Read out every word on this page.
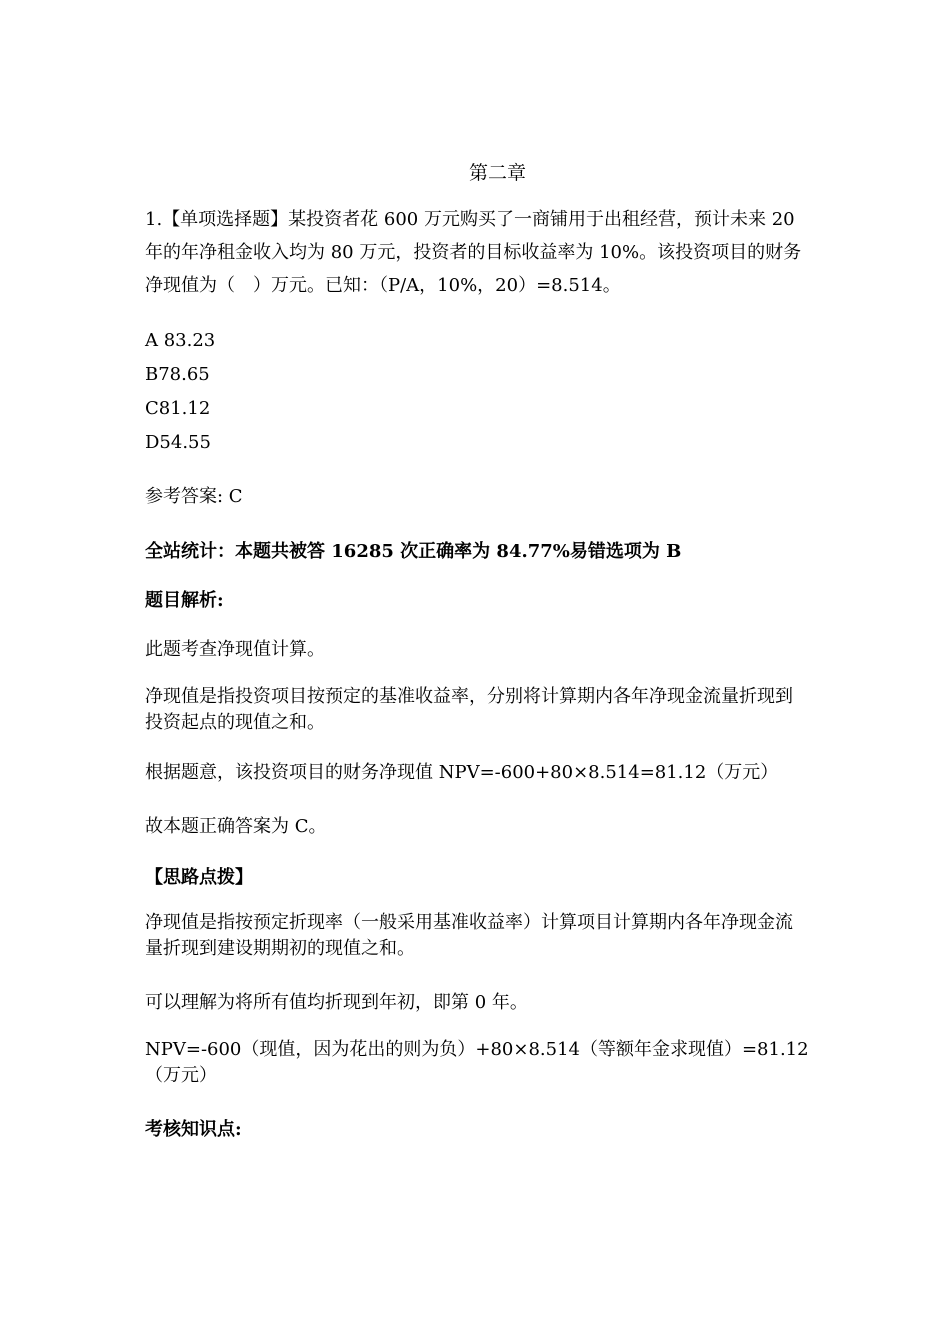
第二章

1.【单项选择题】某投资者花 600 万元购买了一商铺用于出租经营，预计未来 20 年的年净租金收入均为 80 万元，投资者的目标收益率为 10%。该投资项目的财务净现值为（　）万元。已知：（P/A，10%，20）=8.514。

A 83.23

B78.65

C81.12

D54.55

参考答案: C

全站统计：本题共被答 16285 次正确率为 84.77%易错选项为 B

题目解析:

此题考查净现值计算。

净现值是指投资项目按预定的基准收益率，分别将计算期内各年净现金流量折现到投资起点的现值之和。

根据题意，该投资项目的财务净现值 NPV=-600+80×8.514=81.12（万元）

故本题正确答案为 C。

【思路点拨】

净现值是指按预定折现率（一般采用基准收益率）计算项目计算期内各年净现金流量折现到建设期期初的现值之和。

可以理解为将所有值均折现到年初，即第 0 年。

NPV=-600（现值，因为花出的则为负）+80×8.514（等额年金求现值）=81.12（万元）

考核知识点:
